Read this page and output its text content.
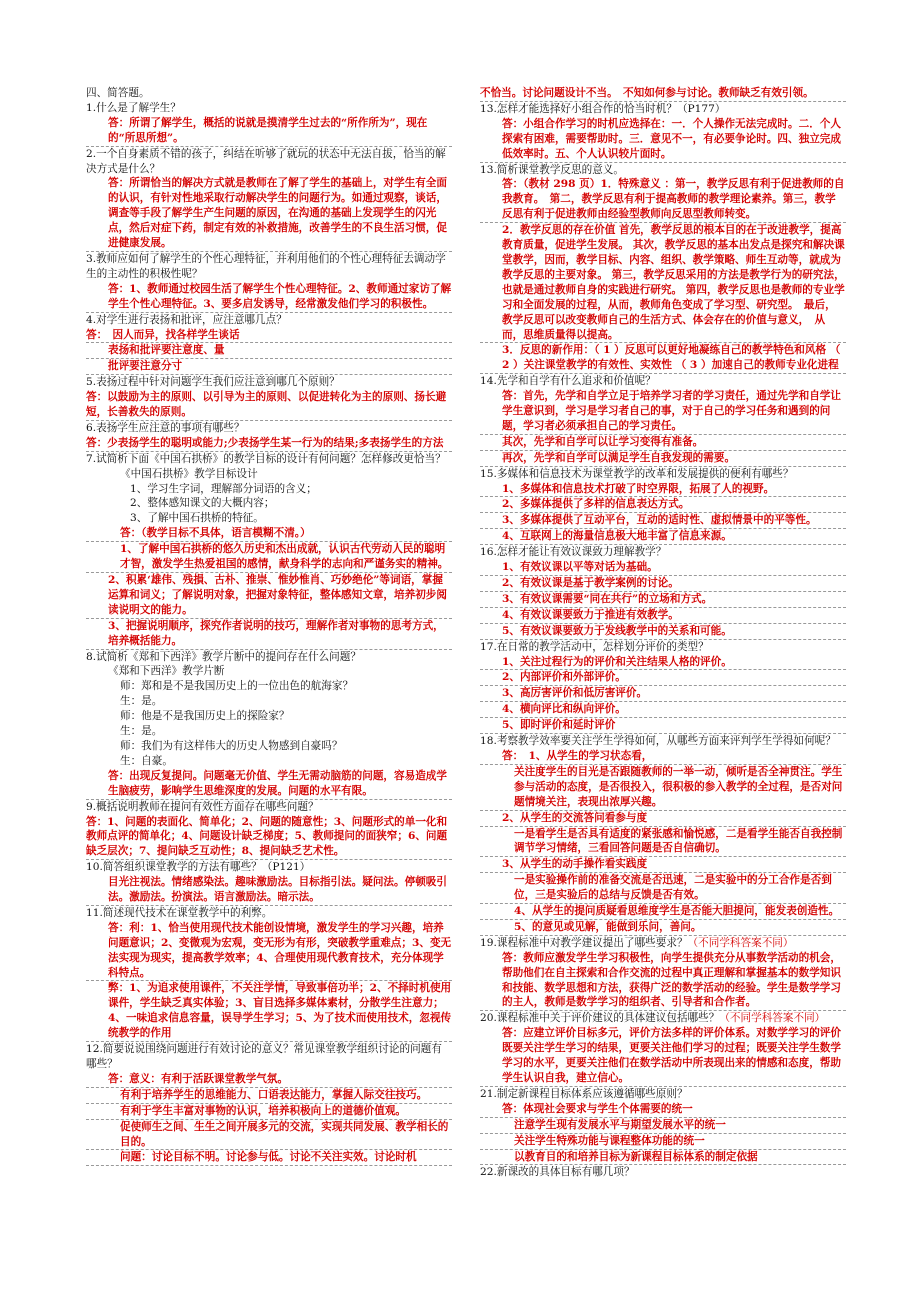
四、简答题。
1.什么是了解学生？
答：所谓了解学生，概括的说就是摸清学生过去的“所作所为”，现在的“所思所想”。
2.一个自身素质不错的孩子，纠结在听够了就玩的状态中无法自拔，恰当的解决方式是什么？
答：所谓恰当的解决方式就是教师在了解了学生的基础上，对学生有全面的认识，有针对性地采取行动解决学生的问题行为。如通过观察，谈话，调查等手段了解学生产生问题的原因，在沟通的基础上发现学生的闪光点，然后对症下药，制定有效的补救措施，改善学生的不良生活习惯，促进健康发展。
3.教师应如何了解学生的个性心理特征，并利用他们的个性心理特征去调动学生的主动性的积极性呢？
答：1、教师通过校园生活了解学生个性心理特征。2、教师通过家访了解学生个性心理特征。3、要多启发诱导，经常激发他们学习的积极性。
4.对学生进行表扬和批评，应注意哪几点？
答：　因人而异，找各样学生谈话
表扬和批评要注意度、量
批评要注意分寸
5.表扬过程中针对问题学生我们应注意到哪几个原则？
答：以鼓励为主的原则、以引导为主的原则、以促进转化为主的原则、扬长避短，长善救失的原则。
6.表扬学生应注意的事项有哪些？
答：少表扬学生的聪明或能力;少表扬学生某一行为的结果;多表扬学生的方法
7.试简析下面《中国石拱桥》的教学目标的设计有何问题？怎样修改更恰当？
《中国石拱桥》教学目标设计
1、学习生字词，理解部分词语的含义；
2、整体感知课文的大概内容；
3、了解中国石拱桥的特征。
答：（教学目标不具体，语言模糊不清。）
1、了解中国石拱桥的悠久历史和杰出成就，认识古代劳动人民的聪明才智，激发学生热爱祖国的感情，献身科学的志向和严谨务实的精神。
2、积累‘雄伟、残損、古朴、推崇、惟妙惟肖、巧妙绝伦”等词语，掌握运算和词义；了解说明对象，把握对象特征，整体感知文章，培养初步阅读说明文的能力。
3、把握说明顺序，探究作者说明的技巧，理解作者对事物的思考方式，培养概括能力。
8.试简析《郑和下西洋》教学片断中的提问存在什么问题？
《郑和下西洋》教学片断
师：郑和是不是我国历史上的一位出色的航海家？
生：是。
师：他是不是我国历史上的探险家？
生：是。
师：我们为有这样伟大的历史人物感到自豪吗？
生：自豪。
答：出现反复提问。问题毫无价值、学生无需动脑筋的问题，容易造成学生脑疲劳，影响学生思维深度的发展。问题的水平有限。
9.概括说明教师在提问有效性方面存在哪些问题？
答：1、问题的表面化、简单化；2、问题的随意性；3、问题形式的单一化和教师点评的简单化；4、问题设计缺乏梯度；5、教师提问的面狭窄；6、问题缺乏层次；7、提问缺乏互动性；8、提问缺乏艺术性。
10.简答组织课堂教学的方法有哪些？（P121）
目光注视法。情绪感染法。趣味激励法。目标指引法。疑问法。停顿吸引法。激励法。扮演法。语言激励法。暗示法。
11.简述现代技术在课堂教学中的利弊。
答：利：1、恰当使用现代技术能创设情境，激发学生的学习兴趣，培养问题意识；2、变微观为宏观，变无形为有形，突破教学重难点；3、变无法实现为现实，提高教学效率；4、合理使用现代教育技术，充分体现学科特点。
弊：1、为追求使用课件，不关注学情，导致事倍功半；2、不择时机使用课件，学生缺乏真实体验；3、盲目选择多媒体素材，分散学生注意力；4、一味追求信息容量，误导学生学习；5、为了技术而使用技术，忽视传统教学的作用
12.简要说说围绕问题进行有效讨论的意义？常见课堂教学组织讨论的问题有哪些？
答：意义：有利于活跃课堂教学气氛。
有利于培养学生的思维能力、口语表达能力，掌握人际交往技巧。
有利于学生丰富对事物的认识，培养积极向上的道德价值观。
促使师生之间、生生之间开展多元的交流，实现共同发展、教学相长的目的。
问题：讨论目标不明。讨论参与低。讨论不关注实效。讨论时机
不恰当。讨论问题设计不当。　不知如何参与讨论。教师缺乏有效引领。
13.怎样才能选择好小组合作的恰当时机？（P177）
答：小组合作学习的时机应选择在：一．个人操作无法完成时。二．个人探索有困难，需要帮助时。三．意见不一，有必要争论时。四、独立完成低效率时。五、个人认识较片面时。
13.简析课堂教学反思的意义。
答：（教材 298 页）1．特殊意义 ：第一，教学反思有利于促进教师的自我教育。　第二，教学反思有利于提高教师的教学理论素养。第三，教学反思有利于促进教师由经验型教师向反思型教师转变。
2．教学反思的存在价值 首先，教学反思的根本目的在于改进教学，提高教育质量，促进学生发展。 其次，教学反思的基本出发点是探究和解决课堂教学，因而，教学目标、内容、组织、教学策略、师生互动等，就成为教学反思的主要对象。 第三，教学反思采用的方法是教学行为的研究法，也就是通过教师自身的实践进行研究。 第四，教学反思也是教师的专业学习和全面发展的过程，从而，教师角色变成了学习型、研究型。　最后，教学反思可以改变教师自己的生活方式、体会存在的价值与意义，　从而，思维质量得以提高。
3．反思的新作用：（ 1 ）反思可以更好地凝练自己的教学特色和风格 （ 2 ）关注课堂教学的有效性、实效性 （ 3 ）加速自己的教师专业化进程
14.先学和自学有什么追求和价值呢？
答：首先，先学和自学立足于培养学习者的学习责任，通过先学和自学让学生意识到，学习是学习者自己的事，对于自己的学习任务和遇到的问题，学习者必须承担自己的学习责任。
其次，先学和自学可以让学习变得有准备。
再次，先学和自学可以满足学生自我发现的需要。
15.多媒体和信息技术为课堂教学的改革和发展提供的便利有哪些？
1、多媒体和信息技术打破了时空界限，拓展了人的视野。
2、多媒体提供了多样的信息表达方式。
3、多媒体提供了互动平台，互动的适时性、虚拟情景中的平等性。
4、互联网上的海量信息极大地丰富了信息来源。
16.怎样才能让有效议课致力理解教学？
1、有效议课以平等对话为基础。
2、有效议课是基于教学案例的讨论。
3、有效议课需要“同在共行”的立场和方式。
4、有效议课要致力于推进有效教学。
5、有效议课要致力于发线教学中的关系和可能。
17.在日常的教学活动中，怎样划分评价的类型？
1、关注过程行为的评价和关注结果人格的评价。
2、内部评价和外部评价。
3、高厉害评价和低厉害评价。
4、横向评比和纵向评价。
5、即时评价和延时评价
18.考察教学效率要关注学生学得如何，从哪些方面来评判学生学得如何呢？
答：　1、从学生的学习状态看，
关注度学生的目光是否跟随教师的一举一动，倾听是否全神贯注。学生参与活动的态度，是否很投入，很积极的参入教学的全过程，是否对问题情境关注，表现出浓厚兴趣。
2、从学生的交流答问看参与度
一是看学生是否具有适度的紧张感和愉悦感，二是看学生能否自我控制调节学习情绪，三看回答问题是否自信确切。
3、从学生的动手操作看实践度
一是实验操作前的准备交流是否迅速，二是实验中的分工合作是否到位，三是实验后的总结与反馈是否有效。
4、从学生的提问质疑看思维度学生是否能大胆提问，能发表创造性。
5、的意见或见解，能做到乐问，善问。
19.课程标准中对教学建议提出了哪些要求？（不同学科答案不同）
答：教师应激发学生学习积极性，向学生提供充分从事数学活动的机会，帮助他们在自主探索和合作交流的过程中真正理解和掌握基本的数学知识和技能、数学思想和方法，获得广泛的数学活动的经验。学生是数学学习的主人，教师是数学学习的组织者、引导者和合作者。
20.课程标准中关于评价建议的具体建议包括哪些？（不同学科答案不同）
答：应建立评价目标多元，评价方法多样的评价体系。对数学学习的评价既要关注学生学习的结果，更要关注他们学习的过程；既要关注学生数学学习的水平，更要关注他们在数学活动中所表现出来的情感和态度，帮助学生认识自我，建立信心。
21.制定新课程目标体系应该遵循哪些原则？
答：体现社会要求与学生个体需要的统一
注意学生现有发展水平与期望发展水平的统一
关注学生特殊功能与课程整体功能的统一
以教育目的和培养目标为新课程目标体系的制定依据
22.新课改的具体目标有哪几项？
